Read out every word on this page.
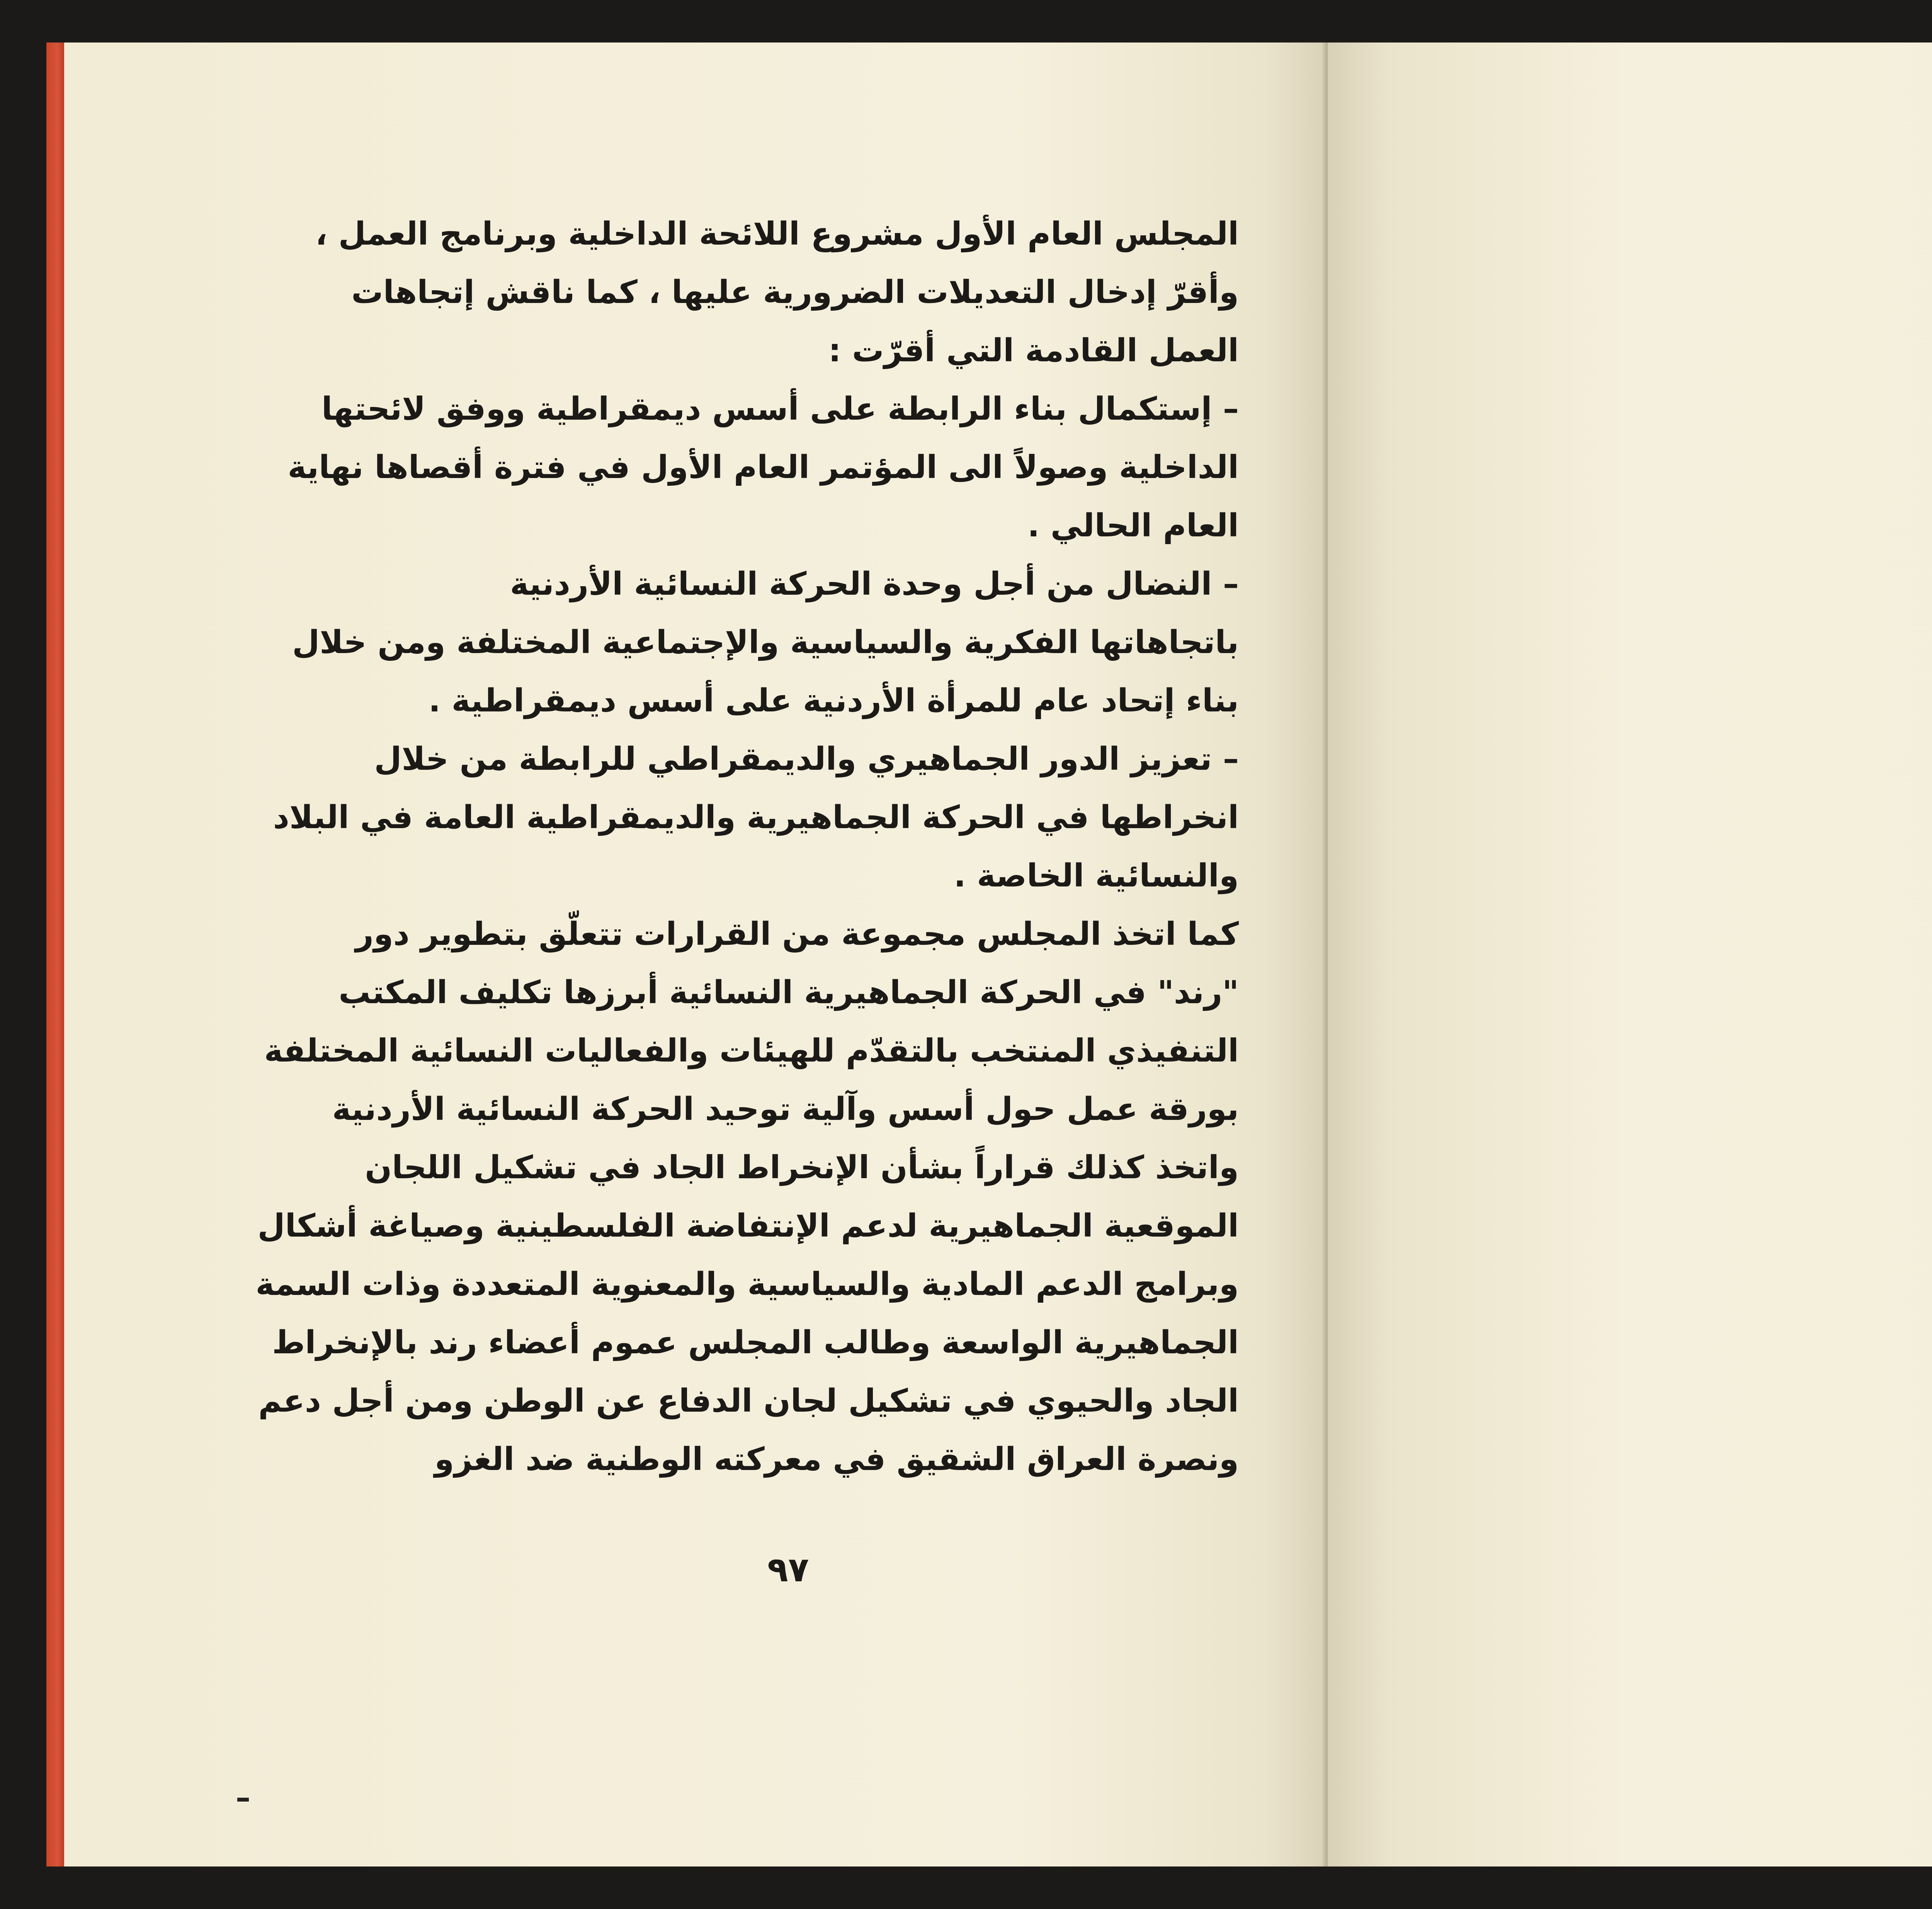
المجلس العام الأول مشروع اللائحة الداخلية وبرنامج العمل ،
وأقرّ إدخال التعديلات الضرورية عليها ، كما ناقش إتجاهات
العمل القادمة التي أقرّت :
– إستكمال بناء الرابطة على أسس ديمقراطية ووفق لائحتها
الداخلية وصولاً الى المؤتمر العام الأول في فترة أقصاها نهاية
العام الحالي .
– النضال من أجل وحدة الحركة النسائية الأردنية
باتجاهاتها الفكرية والسياسية والإجتماعية المختلفة ومن خلال
بناء إتحاد عام للمرأة الأردنية على أسس ديمقراطية .
– تعزيز الدور الجماهيري والديمقراطي للرابطة من خلال
انخراطها في الحركة الجماهيرية والديمقراطية العامة في البلاد
والنسائية الخاصة .
كما اتخذ المجلس مجموعة من القرارات تتعلّق بتطوير دور
"رند" في الحركة الجماهيرية النسائية أبرزها تكليف المكتب
التنفيذي المنتخب بالتقدّم للهيئات والفعاليات النسائية المختلفة
بورقة عمل حول أسس وآلية توحيد الحركة النسائية الأردنية
واتخذ كذلك قراراً بشأن الإنخراط الجاد في تشكيل اللجان
الموقعية الجماهيرية لدعم الإنتفاضة الفلسطينية وصياغة أشكال
وبرامج الدعم المادية والسياسية والمعنوية المتعددة وذات السمة
الجماهيرية الواسعة وطالب المجلس عموم أعضاء رند بالإنخراط
الجاد والحيوي في تشكيل لجان الدفاع عن الوطن ومن أجل دعم
ونصرة العراق الشقيق في معركته الوطنية ضد الغزو
٩٧
